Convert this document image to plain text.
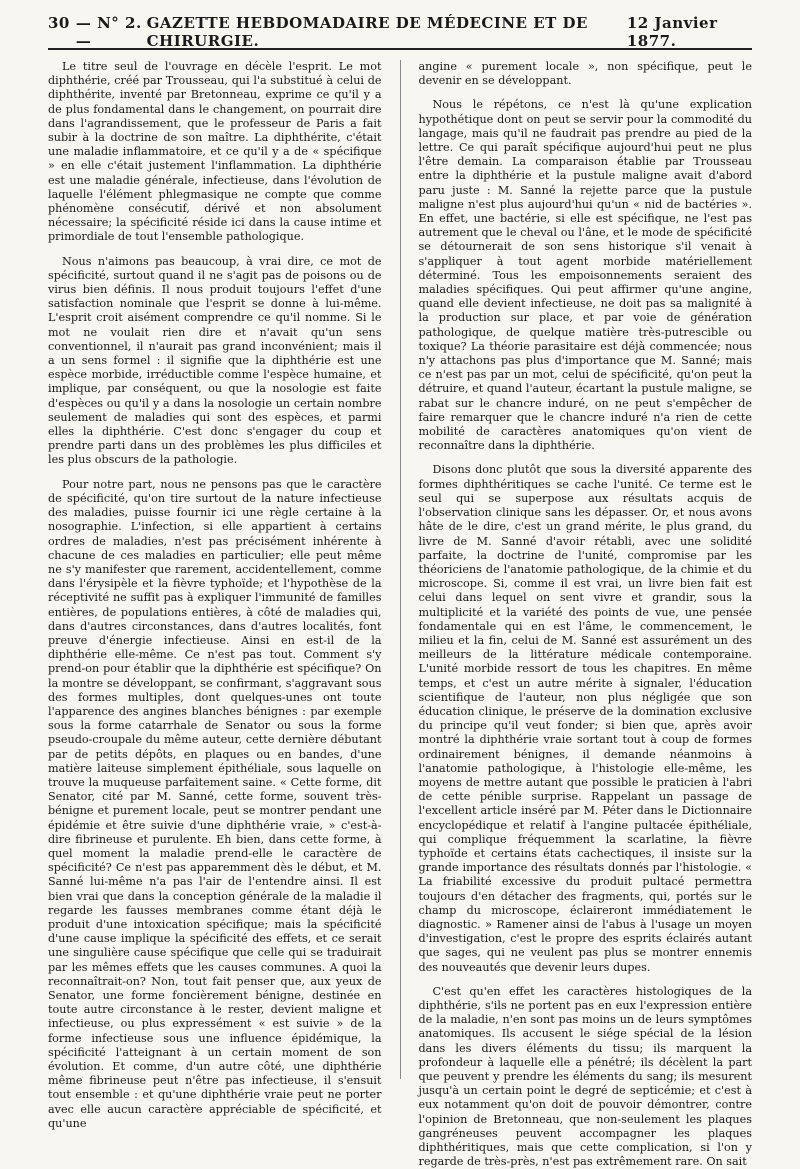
30 — N° 2. —
GAZETTE HEBDOMADAIRE DE MÉDECINE ET DE CHIRURGIE.
12 Janvier 1877.

Le titre seul de l'ouvrage en décèle l'esprit. Le mot diphthérie, créé par Trousseau, qui l'a substitué à celui de diphthérite, inventé par Bretonneau, exprime ce qu'il y a de plus fondamental dans le changement, on pourrait dire dans l'agrandissement, que le professeur de Paris a fait subir à la doctrine de son maître. La diphthérite, c'était une maladie inflammatoire, et ce qu'il y a de « spécifique » en elle c'était justement l'inflammation. La diphthérie est une maladie générale, infectieuse, dans l'évolution de laquelle l'élément phlegmasique ne compte que comme phénomène consécutif, dérivé et non absolument nécessaire; la spécificité réside ici dans la cause intime et primordiale de tout l'ensemble pathologique.

Nous n'aimons pas beaucoup, à vrai dire, ce mot de spécificité, surtout quand il ne s'agit pas de poisons ou de virus bien définis. Il nous produit toujours l'effet d'une satisfaction nominale que l'esprit se donne à lui-même. L'esprit croit aisément comprendre ce qu'il nomme. Si le mot ne voulait rien dire et n'avait qu'un sens conventionnel, il n'aurait pas grand inconvénient; mais il a un sens formel : il signifie que la diphthérie est une espèce morbide, irréductible comme l'espèce humaine, et implique, par conséquent, ou que la nosologie est faite d'espèces ou qu'il y a dans la nosologie un certain nombre seulement de maladies qui sont des espèces, et parmi elles la diphthérie. C'est donc s'engager du coup et prendre parti dans un des problèmes les plus difficiles et les plus obscurs de la pathologie.

Pour notre part, nous ne pensons pas que le caractère de spécificité, qu'on tire surtout de la nature infectieuse des maladies, puisse fournir ici une règle certaine à la nosographie. L'infection, si elle appartient à certains ordres de maladies, n'est pas précisément inhérente à chacune de ces maladies en particulier; elle peut même ne s'y manifester que rarement, accidentellement, comme dans l'érysipèle et la fièvre typhoïde; et l'hypothèse de la réceptivité ne suffit pas à expliquer l'immunité de familles entières, de populations entières, à côté de maladies qui, dans d'autres circonstances, dans d'autres localités, font preuve d'énergie infectieuse. Ainsi en est-il de la diphthérie elle-même. Ce n'est pas tout. Comment s'y prend-on pour établir que la diphthérie est spécifique? On la montre se développant, se confirmant, s'aggravant sous des formes multiples, dont quelques-unes ont toute l'apparence des angines blanches bénignes : par exemple sous la forme catarrhale de Senator ou sous la forme pseudo-croupale du même auteur, cette dernière débutant par de petits dépôts, en plaques ou en bandes, d'une matière laiteuse simplement épithéliale, sous laquelle on trouve la muqueuse parfaitement saine. « Cette forme, dit Senator, cité par M. Sanné, cette forme, souvent très-bénigne et purement locale, peut se montrer pendant une épidémie et être suivie d'une diphthérie vraie, » c'est-à-dire fibrineuse et purulente. Eh bien, dans cette forme, à quel moment la maladie prend-elle le caractère de spécificité? Ce n'est pas apparemment dès le début, et M. Sanné lui-même n'a pas l'air de l'entendre ainsi. Il est bien vrai que dans la conception générale de la maladie il regarde les fausses membranes comme étant déjà le produit d'une intoxication spécifique; mais la spécificité d'une cause implique la spécificité des effets, et ce serait une singulière cause spécifique que celle qui se traduirait par les mêmes effets que les causes communes. A quoi la reconnaîtrait-on? Non, tout fait penser que, aux yeux de Senator, une forme foncièrement bénigne, destinée en toute autre circonstance à le rester, devient maligne et infectieuse, ou plus expressément « est suivie » de la forme infectieuse sous une influence épidémique, la spécificité l'atteignant à un certain moment de son évolution. Et comme, d'un autre côté, une diphthérie même fibrineuse peut n'être pas infectieuse, il s'ensuit tout ensemble : et qu'une diphthérie vraie peut ne porter avec elle aucun caractère appréciable de spécificité, et qu'une

angine « purement locale », non spécifique, peut le devenir en se développant.

Nous le répétons, ce n'est là qu'une explication hypothétique dont on peut se servir pour la commodité du langage, mais qu'il ne faudrait pas prendre au pied de la lettre. Ce qui paraît spécifique aujourd'hui peut ne plus l'être demain. La comparaison établie par Trousseau entre la diphthérie et la pustule maligne avait d'abord paru juste : M. Sanné la rejette parce que la pustule maligne n'est plus aujourd'hui qu'un « nid de bactéries ». En effet, une bactérie, si elle est spécifique, ne l'est pas autrement que le cheval ou l'âne, et le mode de spécificité se détournerait de son sens historique s'il venait à s'appliquer à tout agent morbide matériellement déterminé. Tous les empoisonnements seraient des maladies spécifiques. Qui peut affirmer qu'une angine, quand elle devient infectieuse, ne doit pas sa malignité à la production sur place, et par voie de génération pathologique, de quelque matière très-putrescible ou toxique? La théorie parasitaire est déjà commencée; nous n'y attachons pas plus d'importance que M. Sanné; mais ce n'est pas par un mot, celui de spécificité, qu'on peut la détruire, et quand l'auteur, écartant la pustule maligne, se rabat sur le chancre induré, on ne peut s'empêcher de faire remarquer que le chancre induré n'a rien de cette mobilité de caractères anatomiques qu'on vient de reconnaître dans la diphthérie.

Disons donc plutôt que sous la diversité apparente des formes diphthéritiques se cache l'unité. Ce terme est le seul qui se superpose aux résultats acquis de l'observation clinique sans les dépasser. Or, et nous avons hâte de le dire, c'est un grand mérite, le plus grand, du livre de M. Sanné d'avoir rétabli, avec une solidité parfaite, la doctrine de l'unité, compromise par les théoriciens de l'anatomie pathologique, de la chimie et du microscope. Si, comme il est vrai, un livre bien fait est celui dans lequel on sent vivre et grandir, sous la multiplicité et la variété des points de vue, une pensée fondamentale qui en est l'âme, le commencement, le milieu et la fin, celui de M. Sanné est assurément un des meilleurs de la littérature médicale contemporaine. L'unité morbide ressort de tous les chapitres. En même temps, et c'est un autre mérite à signaler, l'éducation scientifique de l'auteur, non plus négligée que son éducation clinique, le préserve de la domination exclusive du principe qu'il veut fonder; si bien que, après avoir montré la diphthérie vraie sortant tout à coup de formes ordinairement bénignes, il demande néanmoins à l'anatomie pathologique, à l'histologie elle-même, les moyens de mettre autant que possible le praticien à l'abri de cette pénible surprise. Rappelant un passage de l'excellent article inséré par M. Péter dans le Dictionnaire encyclopédique et relatif à l'angine pultacée épithéliale, qui complique fréquemment la scarlatine, la fièvre typhoïde et certains états cachectiques, il insiste sur la grande importance des résultats donnés par l'histologie. « La friabilité excessive du produit pultacé permettra toujours d'en détacher des fragments, qui, portés sur le champ du microscope, éclaireront immédiatement le diagnostic. » Ramener ainsi de l'abus à l'usage un moyen d'investigation, c'est le propre des esprits éclairés autant que sages, qui ne veulent pas plus se montrer ennemis des nouveautés que devenir leurs dupes.

C'est qu'en effet les caractères histologiques de la diphthérie, s'ils ne portent pas en eux l'expression entière de la maladie, n'en sont pas moins un de leurs symptômes anatomiques. Ils accusent le siége spécial de la lésion dans les divers éléments du tissu; ils marquent la profondeur à laquelle elle a pénétré; ils décèlent la part que peuvent y prendre les éléments du sang; ils mesurent jusqu'à un certain point le degré de septicémie; et c'est à eux notamment qu'on doit de pouvoir démontrer, contre l'opinion de Bretonneau, que non-seulement les plaques gangréneuses peuvent accompagner les plaques diphthéritiques, mais que cette complication, si l'on y regarde de très-près, n'est pas extrêmement rare. On sait
